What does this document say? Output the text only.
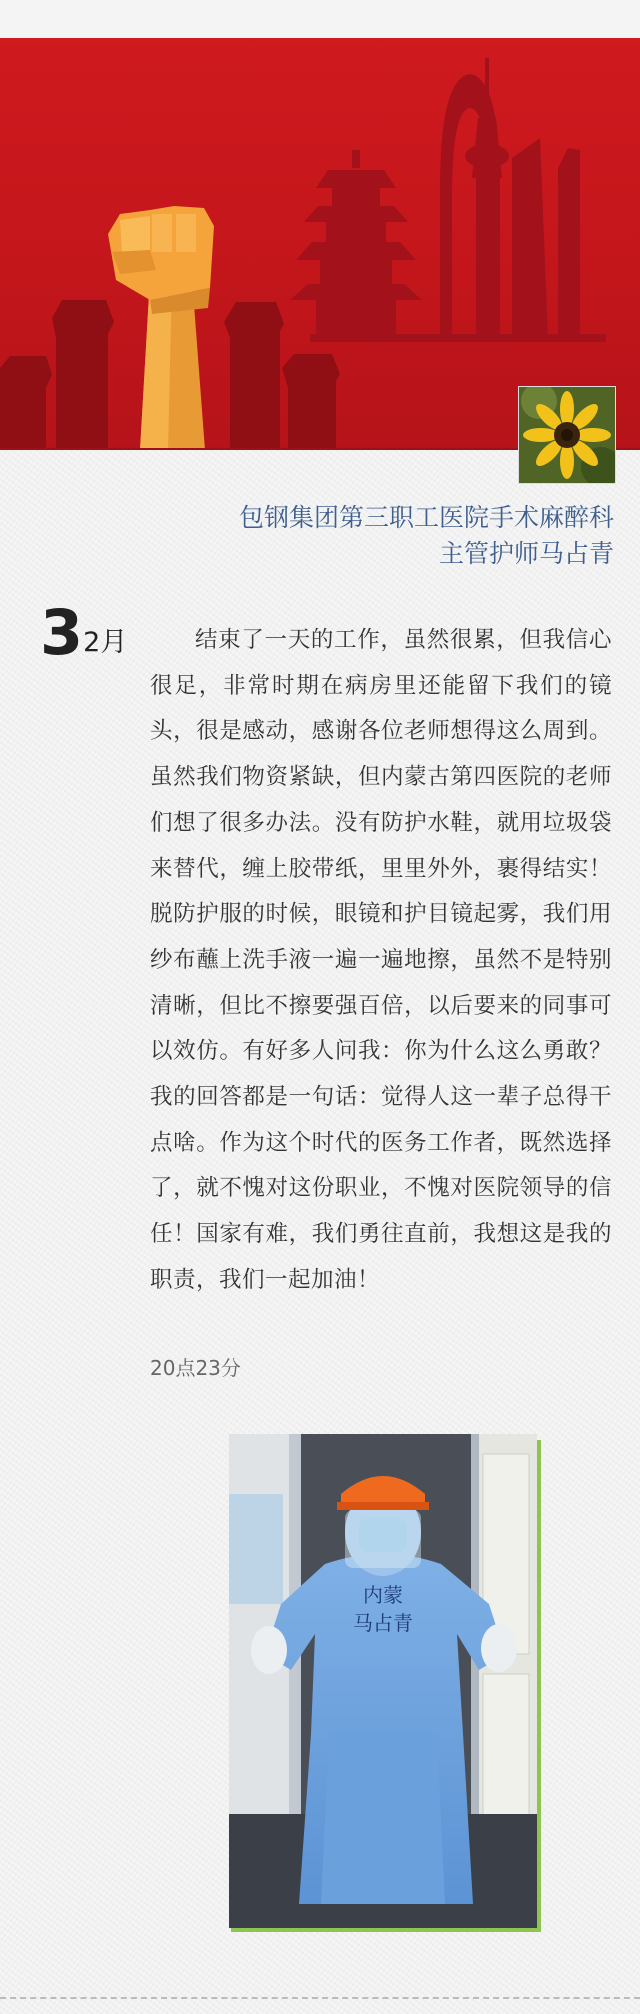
包钢集团第三职工医院手术麻醉科
主管护师马占青
32月	结束了一天的工作，虽然很累，但我信心很足，非常时期在病房里还能留下我们的镜头，很是感动，感谢各位老师想得这么周到。虽然我们物资紧缺，但内蒙古第四医院的老师们想了很多办法。没有防护水鞋，就用垃圾袋来替代，缠上胶带纸，里里外外，裹得结实！脱防护服的时候，眼镜和护目镜起雾，我们用纱布蘸上洗手液一遍一遍地擦，虽然不是特别清晰，但比不擦要强百倍，以后要来的同事可以效仿。有好多人问我：你为什么这么勇敢？我的回答都是一句话：觉得人这一辈子总得干点啥。作为这个时代的医务工作者，既然选择了，就不愧对这份职业，不愧对医院领导的信任！国家有难，我们勇往直前，我想这是我的职责，我们一起加油！
20点23分
内蒙
马占青
